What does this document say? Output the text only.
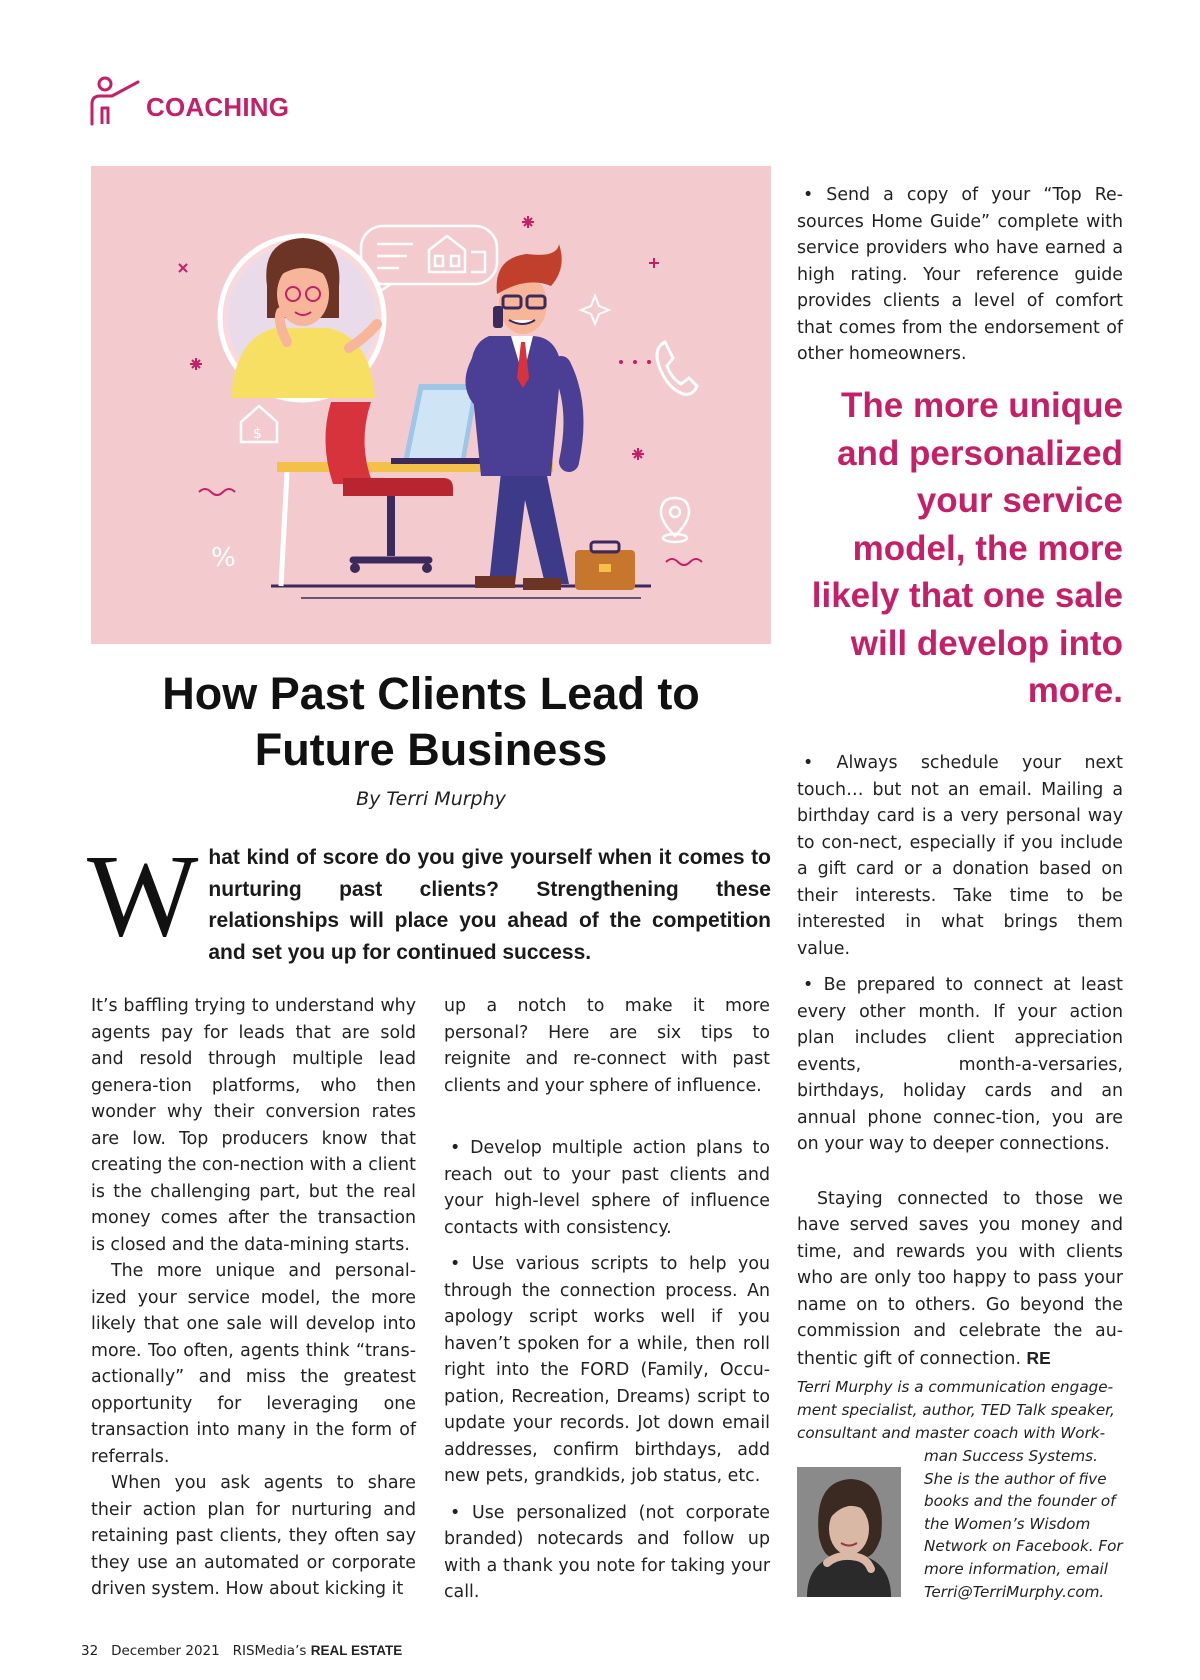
COACHING
$
%
How Past Clients Lead to
Future Business
By Terri Murphy

W hat kind of score do you give yourself when it comes to nurturing past clients? Strengthening these relationships will place you ahead of the competition and set you up for continued success.

It’s baffling trying to understand why agents pay for leads that are sold and resold through multiple lead genera-tion platforms, who then wonder why their conversion rates are low. Top producers know that creating the con-nection with a client is the challenging part, but the real money comes after the transaction is closed and the data-mining starts.

The more unique and personal-ized your service model, the more likely that one sale will develop into more. Too often, agents think “trans-actionally” and miss the greatest opportunity for leveraging one transaction into many in the form of referrals.

When you ask agents to share their action plan for nurturing and retaining past clients, they often say they use an automated or corporate driven system. How about kicking it

up a notch to make it more personal? Here are six tips to reignite and re-connect with past clients and your sphere of influence.

• Develop multiple action plans to reach out to your past clients and your high-level sphere of influence contacts with consistency.

• Use various scripts to help you through the connection process. An apology script works well if you haven’t spoken for a while, then roll right into the FORD (Family, Occu-pation, Recreation, Dreams) script to update your records. Jot down email addresses, confirm birthdays, add new pets, grandkids, job status, etc.

• Use personalized (not corporate branded) notecards and follow up with a thank you note for taking your call.

• Send a copy of your “Top Re-sources Home Guide” complete with service providers who have earned a high rating. Your reference guide provides clients a level of comfort that comes from the endorsement of other homeowners.

The more unique and personalized your service model, the more likely that one sale will develop into more.

• Always schedule your next touch… but not an email. Mailing a birthday card is a very personal way to con-nect, especially if you include a gift card or a donation based on their interests. Take time to be interested in what brings them value.

• Be prepared to connect at least every other month. If your action plan includes client appreciation events, month-a-versaries, birthdays, holiday cards and an annual phone connec-tion, you are on your way to deeper connections.

Staying connected to those we have served saves you money and time, and rewards you with clients who are only too happy to pass your name on to others. Go beyond the commission and celebrate the au-thentic gift of connection. RE

Terri Murphy is a communication engage-ment specialist, author, TED Talk speaker, consultant and master coach with Work-

man Success Systems. She is the author of five books and the founder of the Women’s Wisdom Network on Facebook. For more information, email Terri@TerriMurphy.com.

32 December 2021 RISMedia’s REAL ESTATE
